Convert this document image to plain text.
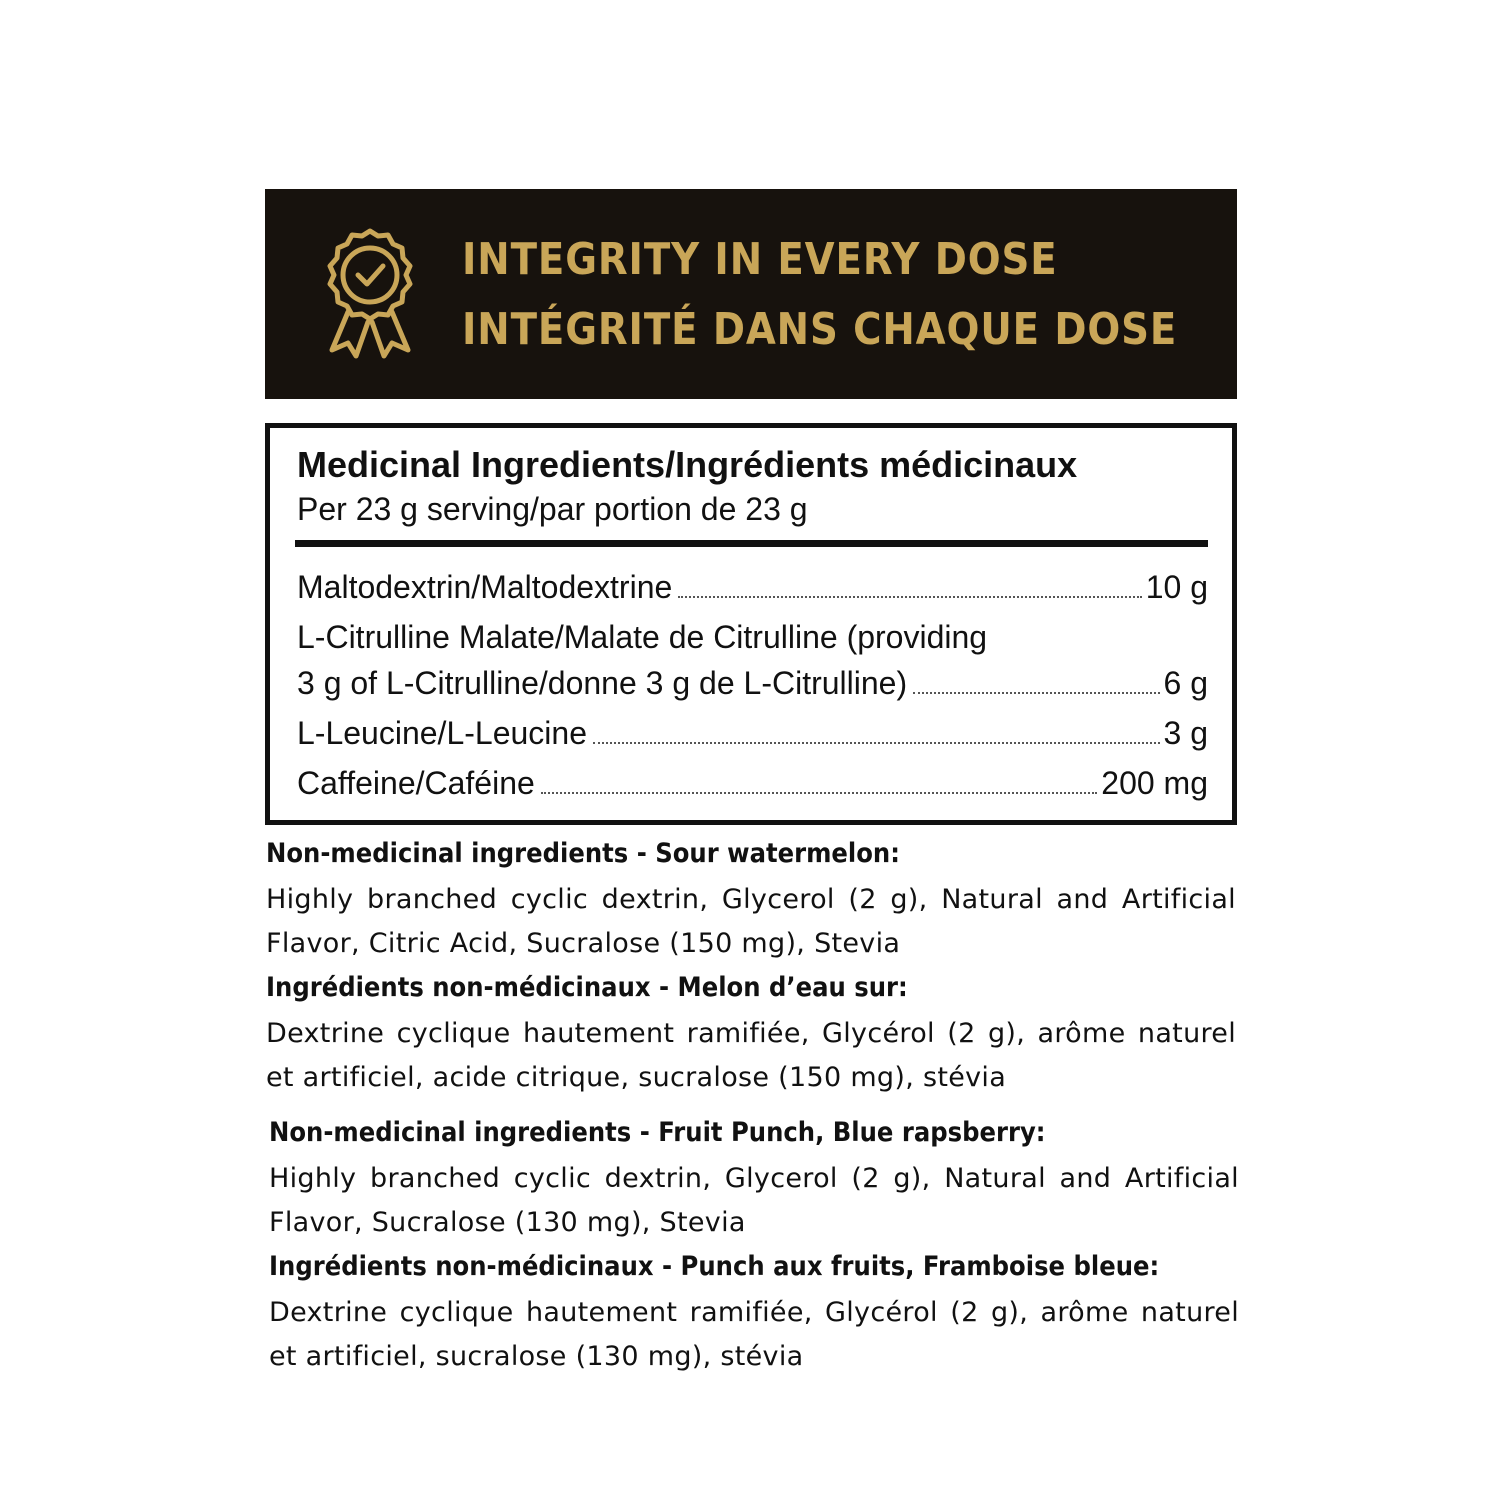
INTEGRITY IN EVERY DOSE
INTÉGRITÉ DANS CHAQUE DOSE
Medicinal Ingredients/Ingrédients médicinaux
Per 23 g serving/par portion de 23 g
Maltodextrin/Maltodextrine	10 g
L-Citrulline Malate/Malate de Citrulline (providing
3 g of L-Citrulline/donne 3 g de L-Citrulline)	6 g
L-Leucine/L-Leucine	3 g
Caffeine/Caféine	200 mg
Non-medicinal ingredients - Sour watermelon:

Highly branched cyclic dextrin, Glycerol (2 g), Natural and Artificial Flavor, Citric Acid, Sucralose (150 mg), Stevia

Ingrédients non-médicinaux - Melon d’eau sur:

Dextrine cyclique hautement ramifiée, Glycérol (2 g), arôme naturel et artificiel, acide citrique, sucralose (150 mg), stévia

Non-medicinal ingredients - Fruit Punch, Blue rapsberry:

Highly branched cyclic dextrin, Glycerol (2 g), Natural and Artificial Flavor, Sucralose (130 mg), Stevia

Ingrédients non-médicinaux - Punch aux fruits, Framboise bleue:

Dextrine cyclique hautement ramifiée, Glycérol (2 g), arôme naturel et artificiel, sucralose (130 mg), stévia
